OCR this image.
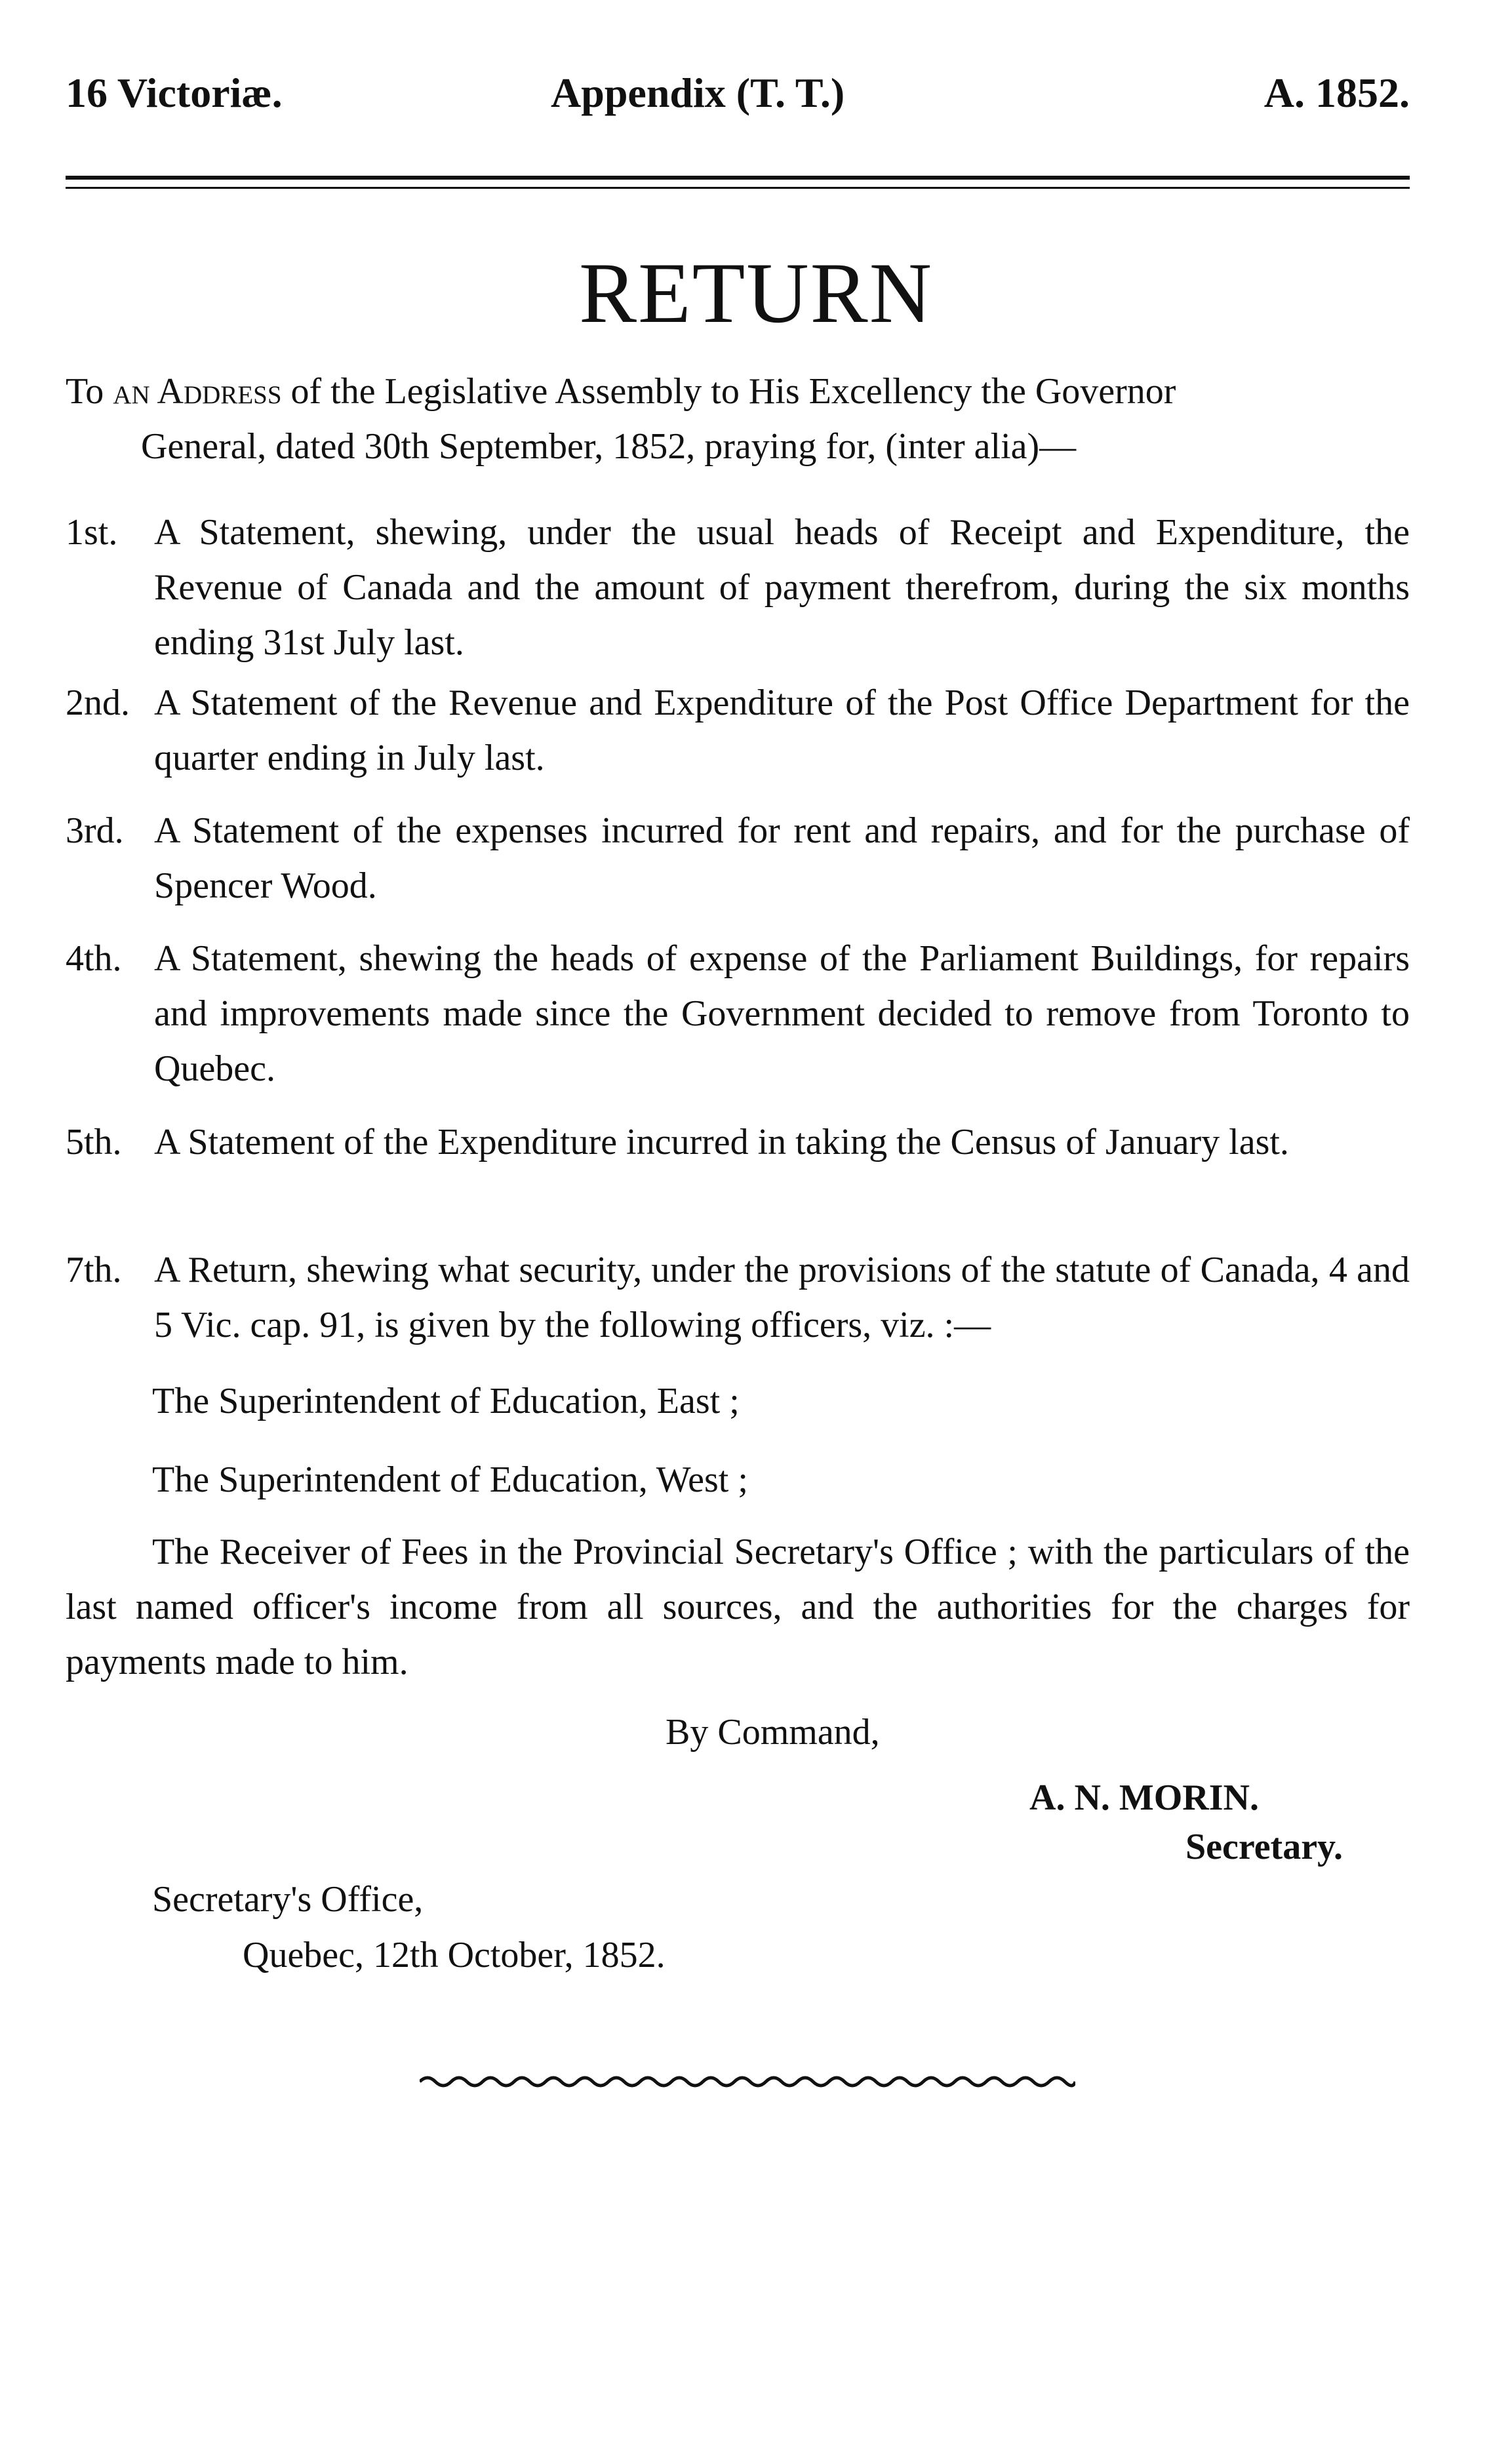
16 Victoriæ.	Appendix (T. T.)	A. 1852.
RETURN
To an Address of the Legislative Assembly to His Excellency the Governor
General, dated 30th September, 1852, praying for, (inter alia)—
1st. A Statement, shewing, under the usual heads of Receipt and Expenditure, the Revenue of Canada and the amount of payment therefrom, during the six months ending 31st July last.
2nd. A Statement of the Revenue and Expenditure of the Post Office Department for the quarter ending in July last.
3rd. A Statement of the expenses incurred for rent and repairs, and for the purchase of Spencer Wood.
4th. A Statement, shewing the heads of expense of the Parliament Buildings, for repairs and improvements made since the Government decided to remove from Toronto to Quebec.
5th. A Statement of the Expenditure incurred in taking the Census of January last.
7th. A Return, shewing what security, under the provisions of the statute of Canada, 4 and 5 Vic. cap. 91, is given by the following officers, viz. :—
The Superintendent of Education, East ;
The Superintendent of Education, West ;
The Receiver of Fees in the Provincial Secretary's Office ; with the particulars of the last named officer's income from all sources, and the authorities for the charges for payments made to him.
By Command,
A. N. MORIN.
Secretary.
Secretary's Office,
Quebec, 12th October, 1852.
